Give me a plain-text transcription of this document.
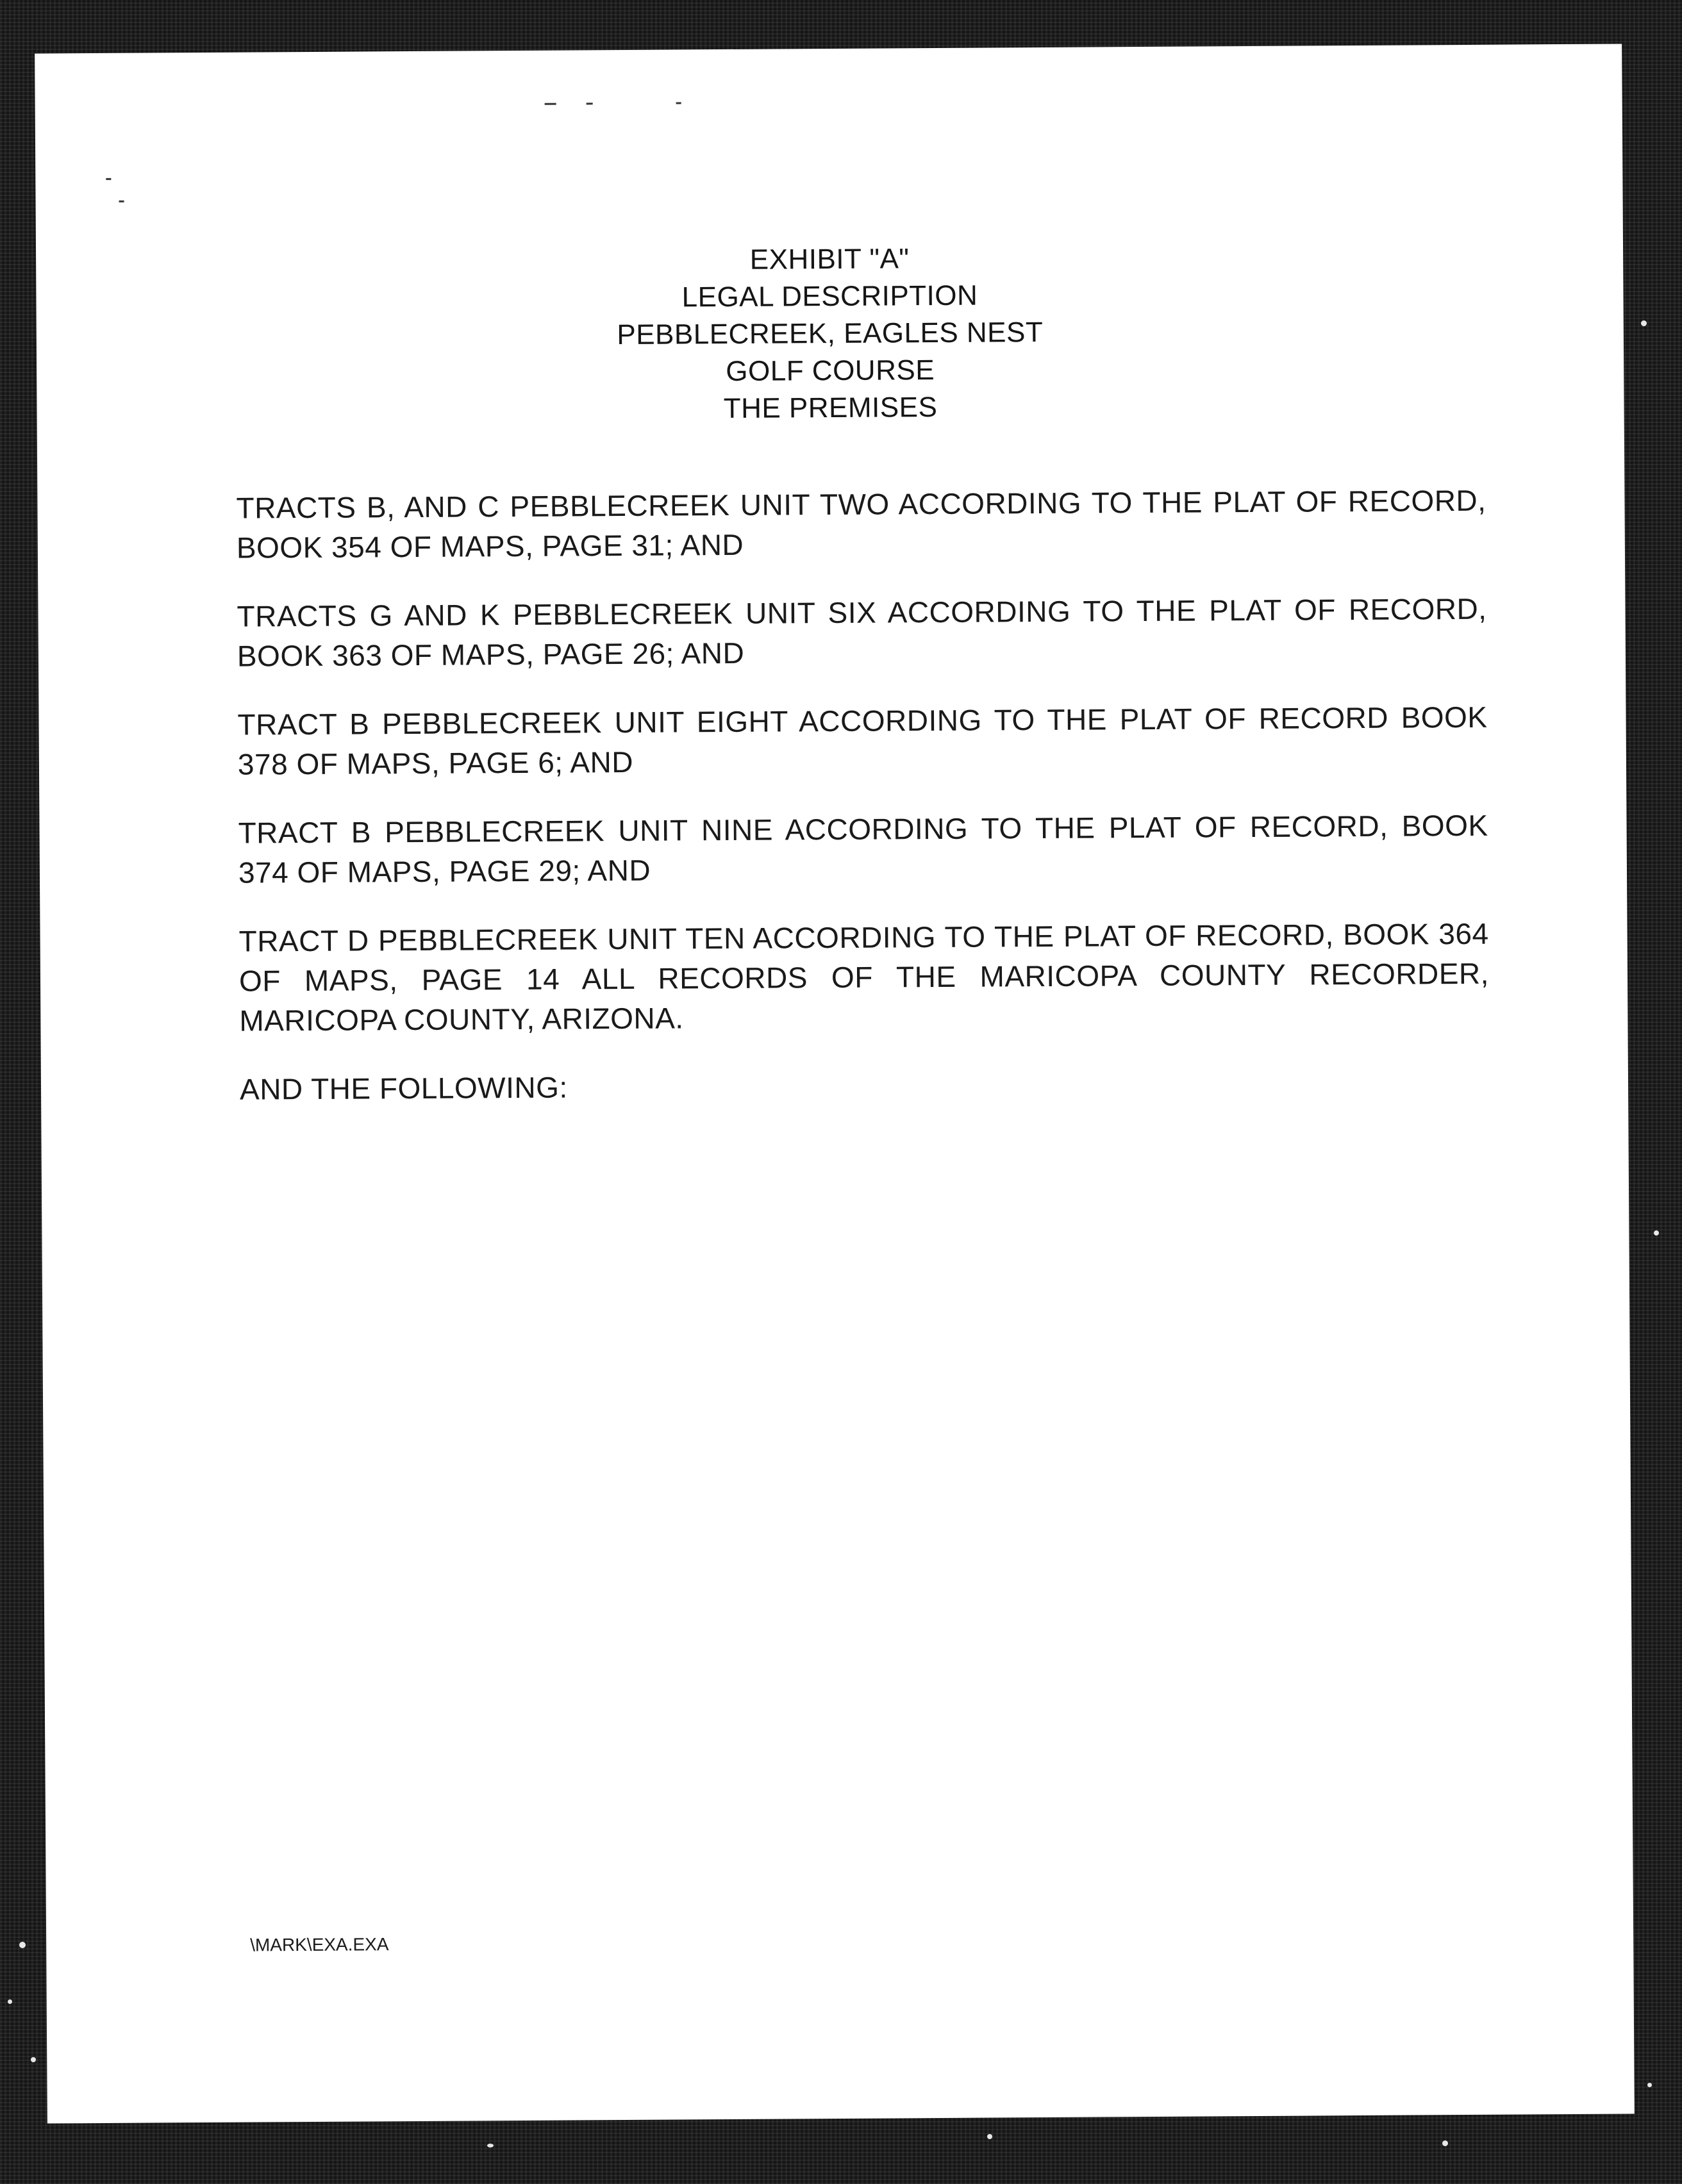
EXHIBIT "A"
LEGAL DESCRIPTION
PEBBLECREEK, EAGLES NEST
GOLF COURSE
THE PREMISES

TRACTS B, AND C PEBBLECREEK UNIT TWO ACCORDING TO THE PLAT OF RECORD, BOOK 354 OF MAPS, PAGE 31; AND

TRACTS G AND K PEBBLECREEK UNIT SIX ACCORDING TO THE PLAT OF RECORD, BOOK 363 OF MAPS, PAGE 26; AND

TRACT B PEBBLECREEK UNIT EIGHT ACCORDING TO THE PLAT OF RECORD BOOK 378 OF MAPS, PAGE 6; AND

TRACT B PEBBLECREEK UNIT NINE ACCORDING TO THE PLAT OF RECORD, BOOK 374 OF MAPS, PAGE 29; AND

TRACT D PEBBLECREEK UNIT TEN ACCORDING TO THE PLAT OF RECORD, BOOK 364 OF MAPS, PAGE 14 ALL RECORDS OF THE MARICOPA COUNTY RECORDER, MARICOPA COUNTY, ARIZONA.

AND THE FOLLOWING:

\MARK\EXA.EXA
